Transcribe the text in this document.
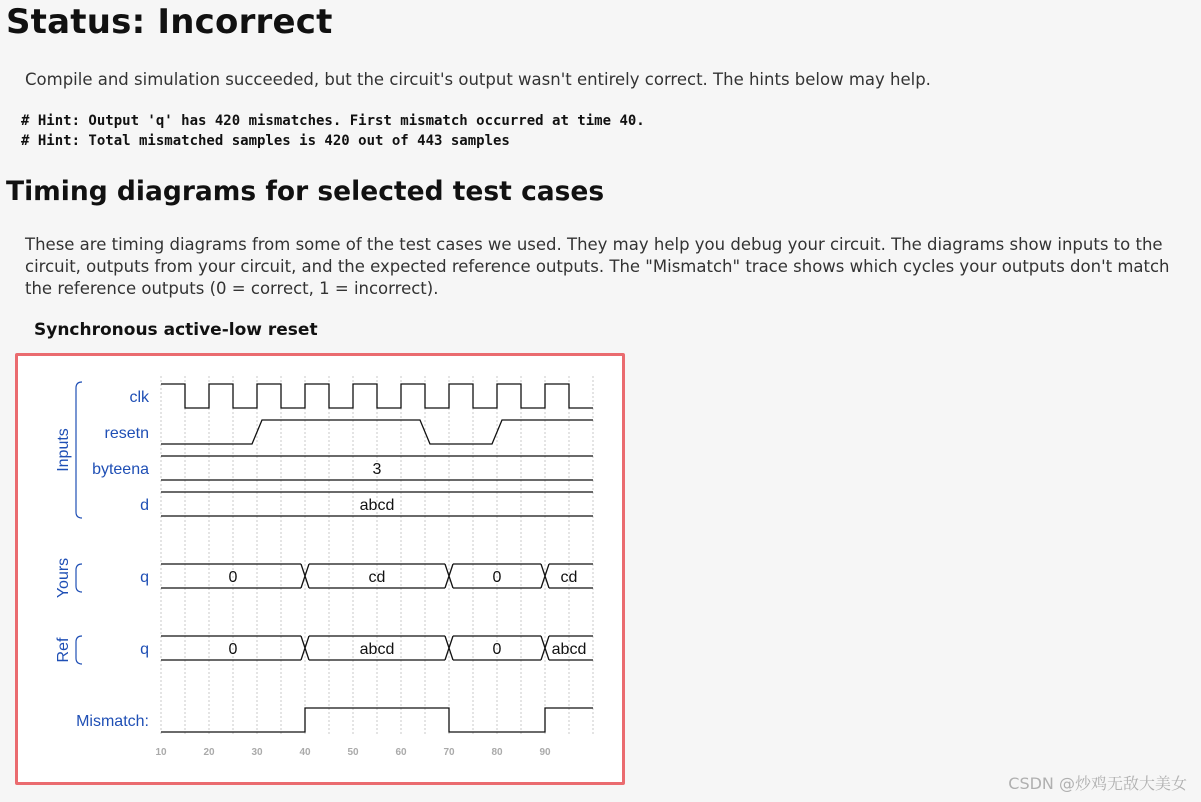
Status: Incorrect
Compile and simulation succeeded, but the circuit's output wasn't entirely correct. The hints below may help.
# Hint: Output 'q' has 420 mismatches. First mismatch occurred at time 40.
# Hint: Total mismatched samples is 420 out of 443 samples
Timing diagrams for selected test cases
These are timing diagrams from some of the test cases we used. They may help you debug your circuit. The diagrams show inputs to the circuit, outputs from your circuit, and the expected reference outputs. The "Mismatch" trace shows which cycles your outputs don't match the reference outputs (0 = correct, 1 = incorrect).
Synchronous active-low reset
clk
resetn
byteena
d
q
q
Mismatch:
Inputs
Yours
Ref
3
abcd
0	cd	0	cd
0	abcd	0	abcd
10	20	30	40	50	60	70	80	90
CSDN @炒鸡无敌大美女
